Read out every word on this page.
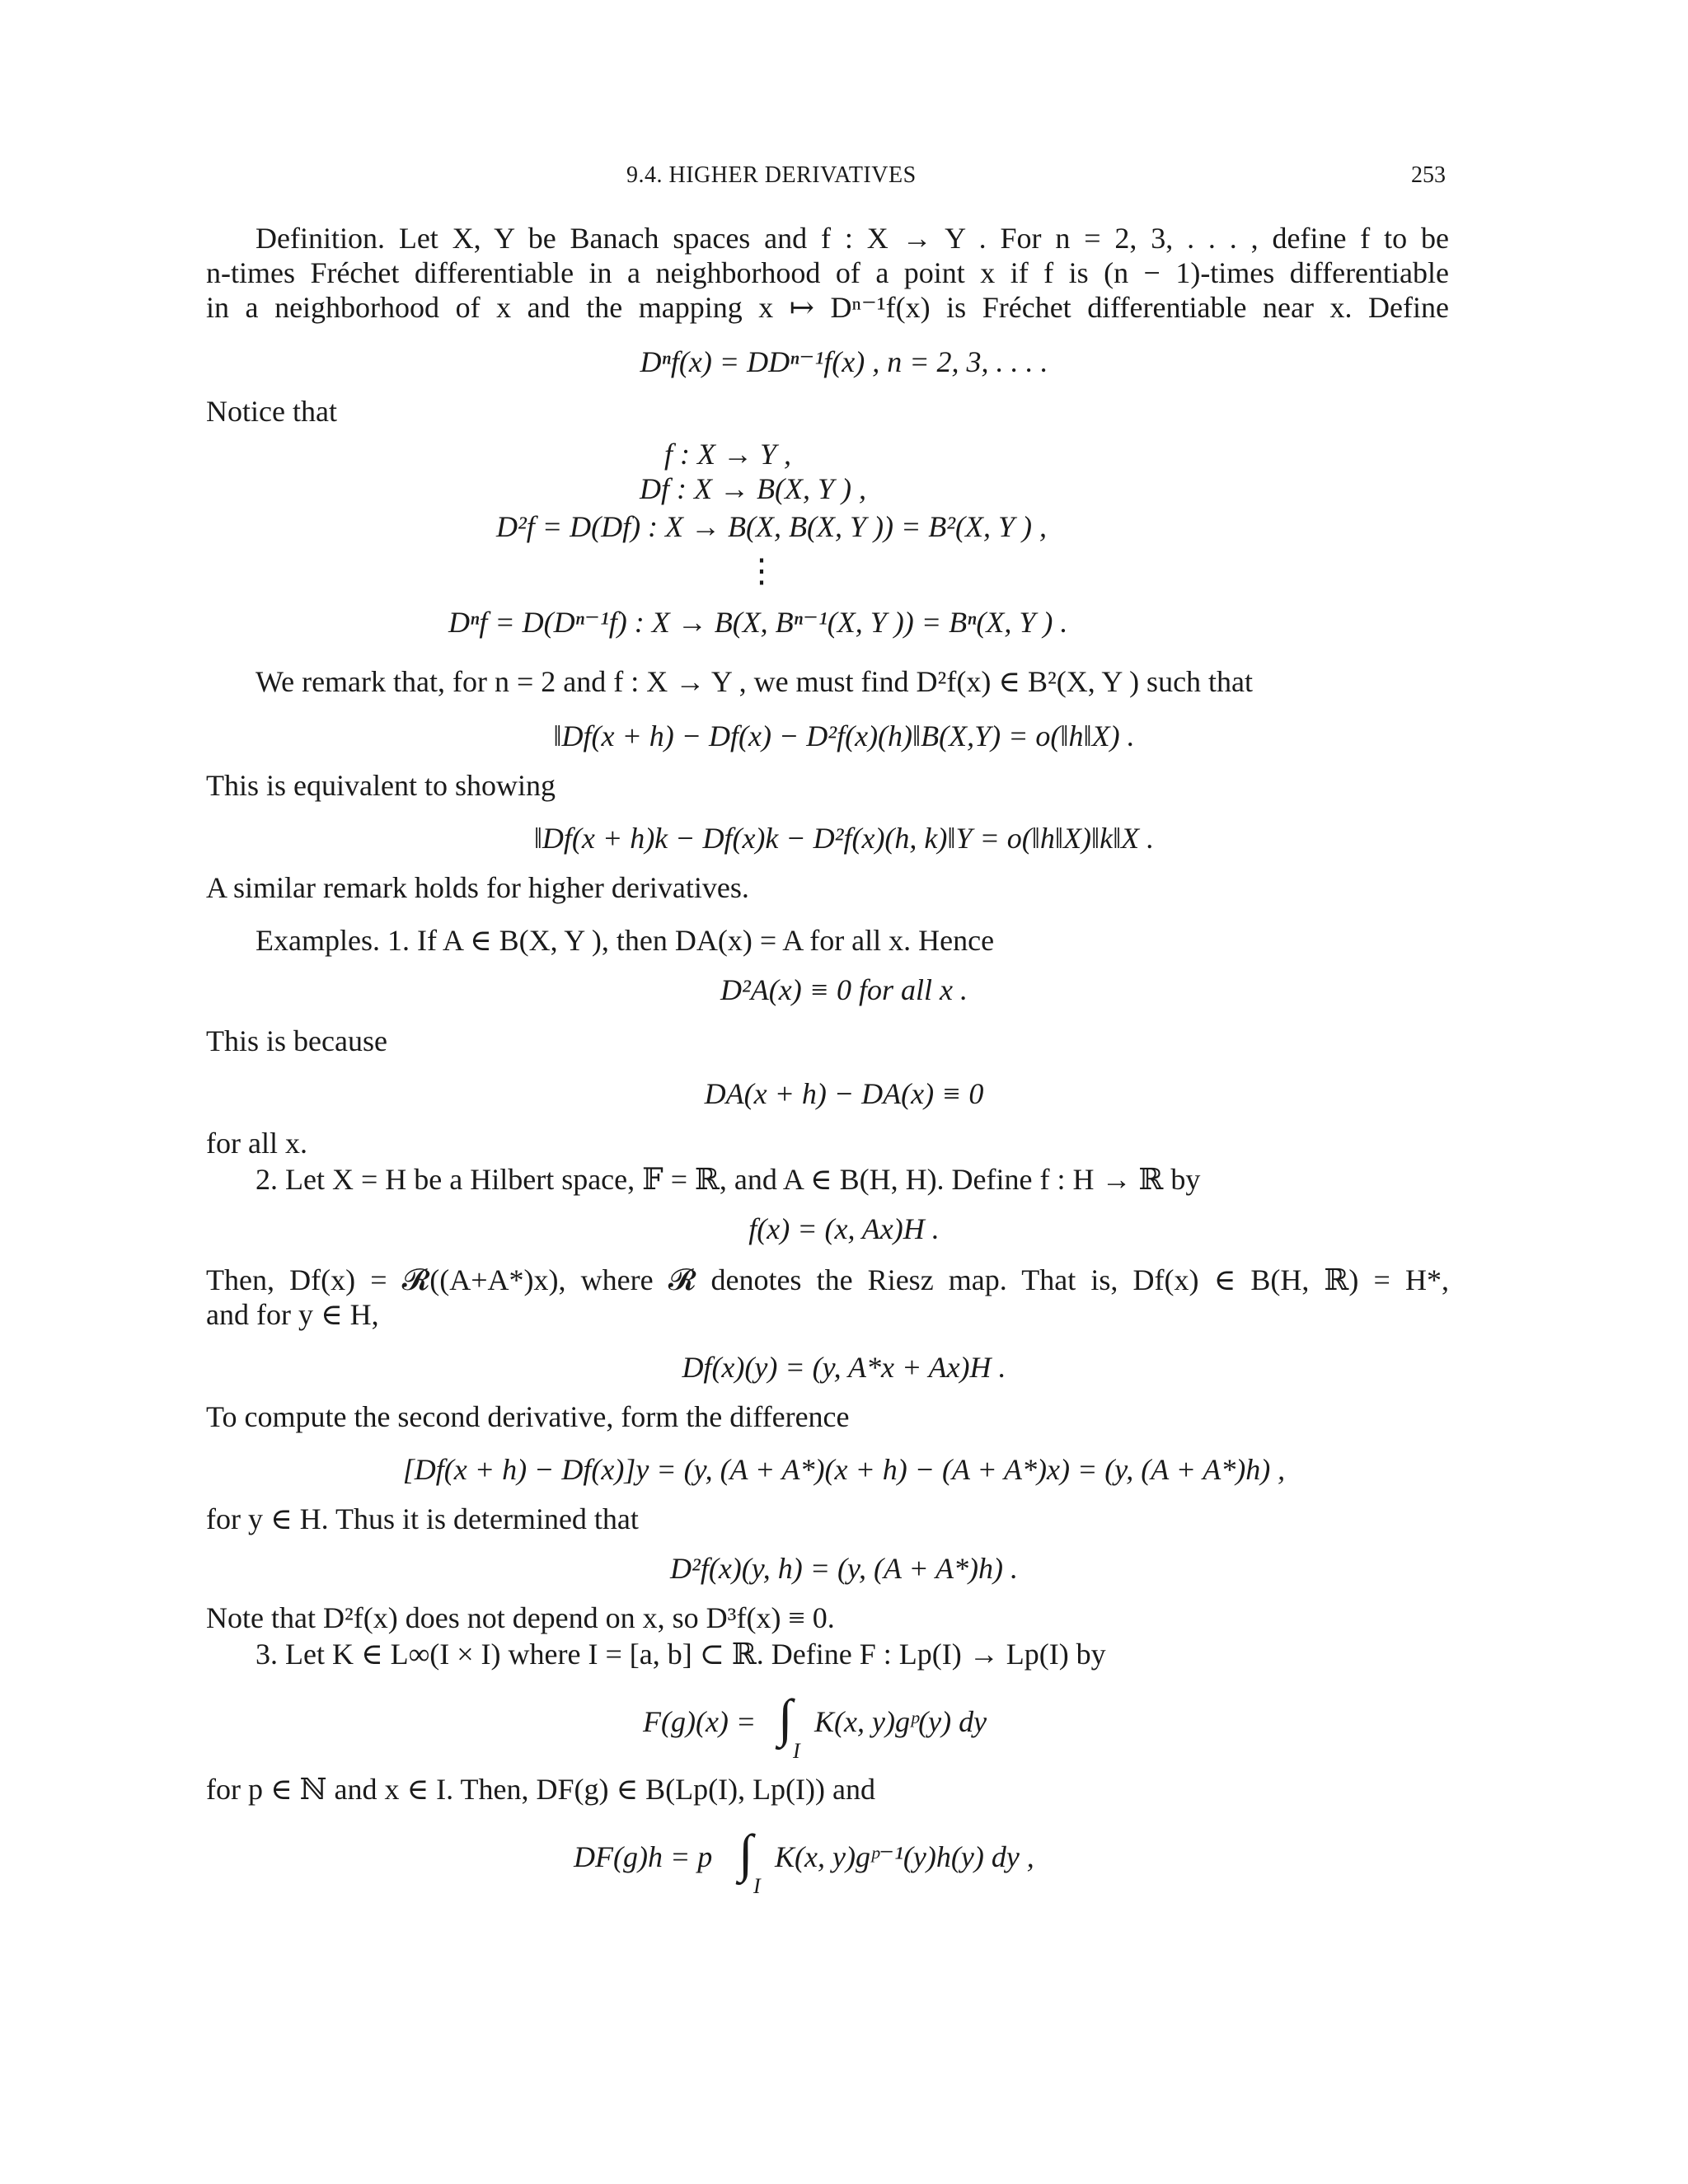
9.4. HIGHER DERIVATIVES	253
Definition. Let X, Y be Banach spaces and f : X → Y . For n = 2, 3, . . . , define f to be
n-times Fréchet differentiable in a neighborhood of a point x if f is (n − 1)-times differentiable
in a neighborhood of x and the mapping x ↦ Dⁿ⁻¹f(x) is Fréchet differentiable near x. Define
Dⁿf(x) = DDⁿ⁻¹f(x) , n = 2, 3, . . . .
Notice that
f : X → Y ,
Df : X → B(X, Y ) ,
D²f = D(Df) : X → B(X, B(X, Y )) = B²(X, Y ) ,
⋮
Dⁿf = D(Dⁿ⁻¹f) : X → B(X, Bⁿ⁻¹(X, Y )) = Bⁿ(X, Y ) .
We remark that, for n = 2 and f : X → Y , we must find D²f(x) ∈ B²(X, Y ) such that
‖Df(x + h) − Df(x) − D²f(x)(h)‖B(X,Y) = o(‖h‖X) .
This is equivalent to showing
‖Df(x + h)k − Df(x)k − D²f(x)(h, k)‖Y = o(‖h‖X)‖k‖X .
A similar remark holds for higher derivatives.
Examples. 1. If A ∈ B(X, Y ), then DA(x) = A for all x. Hence
D²A(x) ≡ 0 for all x .
This is because
DA(x + h) − DA(x) ≡ 0
for all x.
2. Let X = H be a Hilbert space, 𝔽 = ℝ, and A ∈ B(H, H). Define f : H → ℝ by
f(x) = (x, Ax)H .
Then, Df(x) = 𝓡((A+A*)x), where 𝓡 denotes the Riesz map. That is, Df(x) ∈ B(H, ℝ) = H*,
and for y ∈ H,
Df(x)(y) = (y, A*x + Ax)H .
To compute the second derivative, form the difference
[Df(x + h) − Df(x)]y = (y, (A + A*)(x + h) − (A + A*)x) = (y, (A + A*)h) ,
for y ∈ H. Thus it is determined that
D²f(x)(y, h) = (y, (A + A*)h) .
Note that D²f(x) does not depend on x, so D³f(x) ≡ 0.
3. Let K ∈ L∞(I × I) where I = [a, b] ⊂ ℝ. Define F : Lp(I) → Lp(I) by
F(g)(x) = ∫
I
K(x, y)gᵖ(y) dy
for p ∈ ℕ and x ∈ I. Then, DF(g) ∈ B(Lp(I), Lp(I)) and
DF(g)h = p ∫
I
K(x, y)gᵖ⁻¹(y)h(y) dy ,
